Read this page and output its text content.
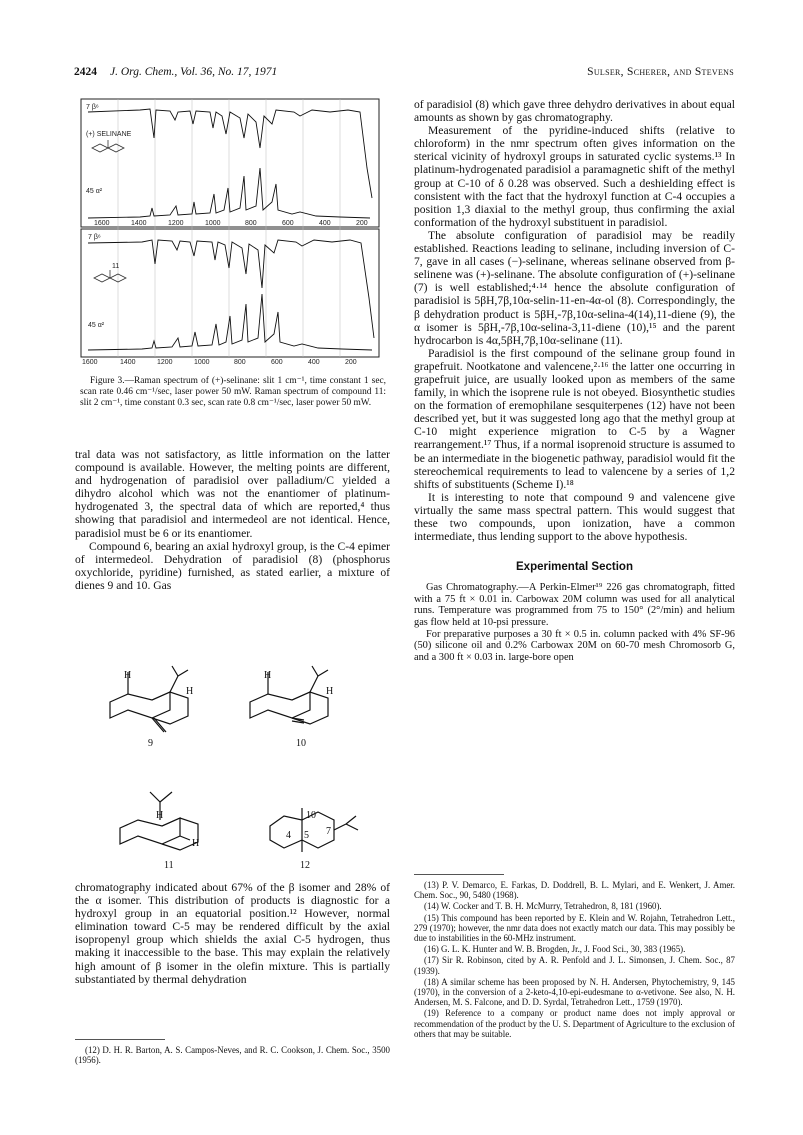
2424 J. Org. Chem., Vol. 36, No. 17, 1971	Sulser, Scherer, and Stevens
7 β⁶
(+) SELINANE
45 α²
7 β⁶
11
45 α²
1600	1400	1200	1000	800	600	400	200
1600	1400	1200	1000	800	600	400	200
Figure 3.—Raman spectrum of (+)-selinane: slit 1 cm⁻¹, time constant 1 sec, scan rate 0.46 cm⁻¹/sec, laser power 50 mW. Raman spectrum of compound 11: slit 2 cm⁻¹, time constant 0.3 sec, scan rate 0.8 cm⁻¹/sec, laser power 50 mW.

tral data was not satisfactory, as little information on the latter compound is available. However, the melting points are different, and hydrogenation of paradisiol over palladium/C yielded a dihydro alcohol which was not the enantiomer of platinum-hydrogenated 3, the spectral data of which are reported,⁴ thus showing that paradisiol and intermedeol are not identical. Hence, paradisiol must be 6 or its enantiomer.

Compound 6, bearing an axial hydroxyl group, is the C-4 epimer of intermedeol. Dehydration of paradisiol (8) (phosphorus oxychloride, pyridine) furnished, as stated earlier, a mixture of dienes 9 and 10. Gas

H
H
9
H
H
10
H
H
11
10
4 5 7
12

chromatography indicated about 67% of the β isomer and 28% of the α isomer. This distribution of products is diagnostic for a hydroxyl group in an equatorial position.¹² However, normal elimination toward C-5 may be rendered difficult by the axial isopropenyl group which shields the axial C-5 hydrogen, thus making it inaccessible to the base. This may explain the relatively high amount of β isomer in the olefin mixture. This is partially substantiated by thermal dehydration

(12) D. H. R. Barton, A. S. Campos-Neves, and R. C. Cookson, J. Chem. Soc., 3500 (1956).

of paradisiol (8) which gave three dehydro derivatives in about equal amounts as shown by gas chromatography.

Measurement of the pyridine-induced shifts (relative to chloroform) in the nmr spectrum often gives information on the sterical vicinity of hydroxyl groups in saturated cyclic systems.¹³ In platinum-hydrogenated paradisiol a paramagnetic shift of the methyl group at C-10 of δ 0.28 was observed. Such a deshielding effect is consistent with the fact that the hydroxyl function at C-4 occupies a position 1,3 diaxial to the methyl group, thus confirming the axial conformation of the hydroxyl substituent in paradisiol.

The absolute configuration of paradisiol may be readily established. Reactions leading to selinane, including inversion of C-7, gave in all cases (−)-selinane, whereas selinane observed from β-selinene was (+)-selinane. The absolute configuration of (+)-selinane (7) is well established;⁴·¹⁴ hence the absolute configuration of paradisiol is 5βH,7β,10α-selin-11-en-4α-ol (8). Correspondingly, the β dehydration product is 5βH,-7β,10α-selina-4(14),11-diene (9), the α isomer is 5βH,-7β,10α-selina-3,11-diene (10),¹⁵ and the parent hydrocarbon is 4α,5βH,7β,10α-selinane (11).

Paradisiol is the first compound of the selinane group found in grapefruit. Nootkatone and valencene,²·¹⁶ the latter one occurring in grapefruit juice, are usually looked upon as members of the same family, in which the isoprene rule is not obeyed. Biosynthetic studies on the formation of eremophilane sesquiterpenes (12) have not been described yet, but it was suggested long ago that the methyl group at C-10 might experience migration to C-5 by a Wagner rearrangement.¹⁷ Thus, if a normal isoprenoid structure is assumed to be an intermediate in the biogenetic pathway, paradisiol would fit the stereochemical requirements to lead to valencene by a series of 1,2 shifts of substituents (Scheme I).¹⁸

It is interesting to note that compound 9 and valencene give virtually the same mass spectral pattern. This would suggest that these two compounds, upon ionization, have a common intermediate, thus lending support to the above hypothesis.

Experimental Section

Gas Chromatography.—A Perkin-Elmer¹⁹ 226 gas chromatograph, fitted with a 75 ft × 0.01 in. Carbowax 20M column was used for all analytical runs. Temperature was programmed from 75 to 150° (2°/min) and helium gas flow held at 10-psi pressure.

For preparative purposes a 30 ft × 0.5 in. column packed with 4% SF-96 (50) silicone oil and 0.2% Carbowax 20M on 60-70 mesh Chromosorb G, and a 300 ft × 0.03 in. large-bore open

(13) P. V. Demarco, E. Farkas, D. Doddrell, B. L. Mylari, and E. Wenkert, J. Amer. Chem. Soc., 90, 5480 (1968).

(14) W. Cocker and T. B. H. McMurry, Tetrahedron, 8, 181 (1960).

(15) This compound has been reported by E. Klein and W. Rojahn, Tetrahedron Lett., 279 (1970); however, the nmr data does not exactly match our data. This may possibly be due to instabilities in the 60-MHz instrument.

(16) G. L. K. Hunter and W. B. Brogden, Jr., J. Food Sci., 30, 383 (1965).

(17) Sir R. Robinson, cited by A. R. Penfold and J. L. Simonsen, J. Chem. Soc., 87 (1939).

(18) A similar scheme has been proposed by N. H. Andersen, Phytochemistry, 9, 145 (1970), in the conversion of a 2-keto-4,10-epi-eudesmane to α-vetivone. See also, N. H. Andersen, M. S. Falcone, and D. D. Syrdal, Tetrahedron Lett., 1759 (1970).

(19) Reference to a company or product name does not imply approval or recommendation of the product by the U. S. Department of Agriculture to the exclusion of others that may be suitable.
